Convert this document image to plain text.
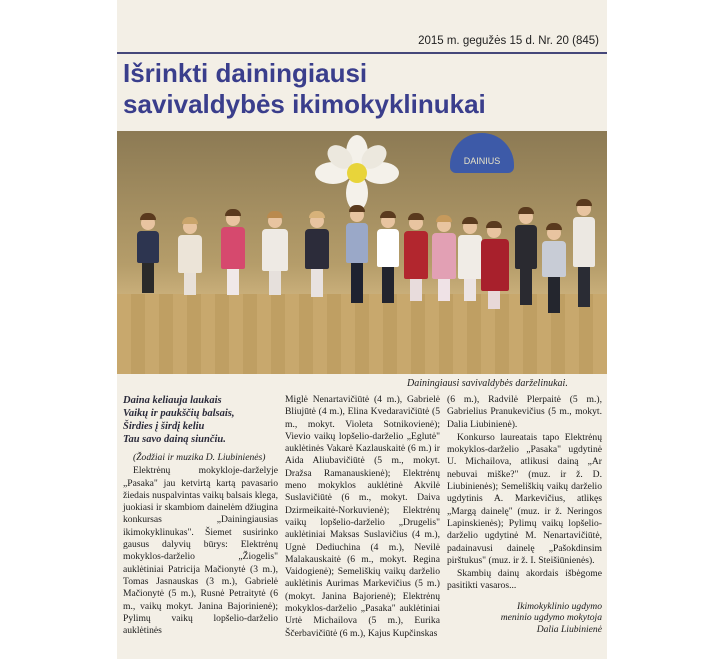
2015 m. gegužės 15 d. Nr. 20 (845)
Išrinkti dainingiausi
savivaldybės ikimokyklinukai
DAINIUS
Dainingiausi savivaldybės darželinukai.
Daina keliauja laukais
Vaikų ir paukščių balsais,
Širdies į širdį keliu
Tau savo dainą siunčiu.

(Žodžiai ir muzika D. Liubinienės)

Elektrėnų mokykloje-darželyje „Pasaka" jau ketvirtą kartą pavasario žiedais nuspalvintas vaikų balsais klega, juokiasi ir skambiom dainelėm džiugina konkursas „Dainingiausias ikimokyklinukas". Šiemet susirinko gausus dalyvių būrys: Elektrėnų mokyklos-darželio „Žiogelis" auklėtiniai Patricija Mačionytė (3 m.), Tomas Jasnauskas (3 m.), Gabrielė Mačionytė (5 m.), Rusnė Petraitytė (6 m., vaikų mokyt. Janina Bajorinienė); Pylimų vaikų lopšelio-darželio auklėtinės

Miglė Nenartavičiūtė (4 m.), Gabrielė Bliujūtė (4 m.), Elina Kvedaravičiūtė (5 m., mokyt. Violeta Sotnikovienė); Vievio vaikų lopšelio-darželio „Eglutė" auklėtinės Vakarė Kazlauskaitė (6 m.) ir Aida Aliubavičiūtė (5 m., mokyt. Dražsa Ramanauskienė); Elektrėnų meno mokyklos auklėtinė Akvilė Suslavičiūtė (6 m., mokyt. Daiva Dzirmeikaitė-Norkuvienė); Elektrėnų vaikų lopšelio-darželio „Drugelis" auklėtiniai Maksas Suslavičius (4 m.), Ugnė Dediuchina (4 m.), Nevilė Malakauskaitė (6 m., mokyt. Regina Vaidogienė); Semeliškių vaikų darželio auklėtinis Aurimas Markevičius (5 m.) (mokyt. Janina Bajorienė); Elektrėnų mokyklos-darželio „Pasaka" auklėtiniai Urtė Michailova (5 m.), Eurika Ščerbavičiūtė (6 m.), Kajus Kupčinskas

(6 m.), Radvilė Plerpaitė (5 m.), Gabrielius Pranukevičius (5 m., mokyt. Dalia Liubinienė).

Konkurso laureatais tapo Elektrėnų mokyklos-darželio „Pasaka" ugdytinė U. Michailova, atlikusi dainą „Ar nebuvai miške?" (muz. ir ž. D. Liubinienės); Semeliškių vaikų darželio ugdytinis A. Markevičius, atlikęs „Margą dainelę" (muz. ir ž. Neringos Lapinskienės); Pylimų vaikų lopšelio-darželio ugdytinė M. Nenartavičiūtė, padainavusi dainelę „Pašokdinsim pirštukus" (muz. ir ž. I. Steišiūnienės).

Skambių dainų akordais išbėgome pasitikti vasaros...

Ikimokyklinio ugdymo
meninio ugdymo mokytoja
Dalia Liubinienė
